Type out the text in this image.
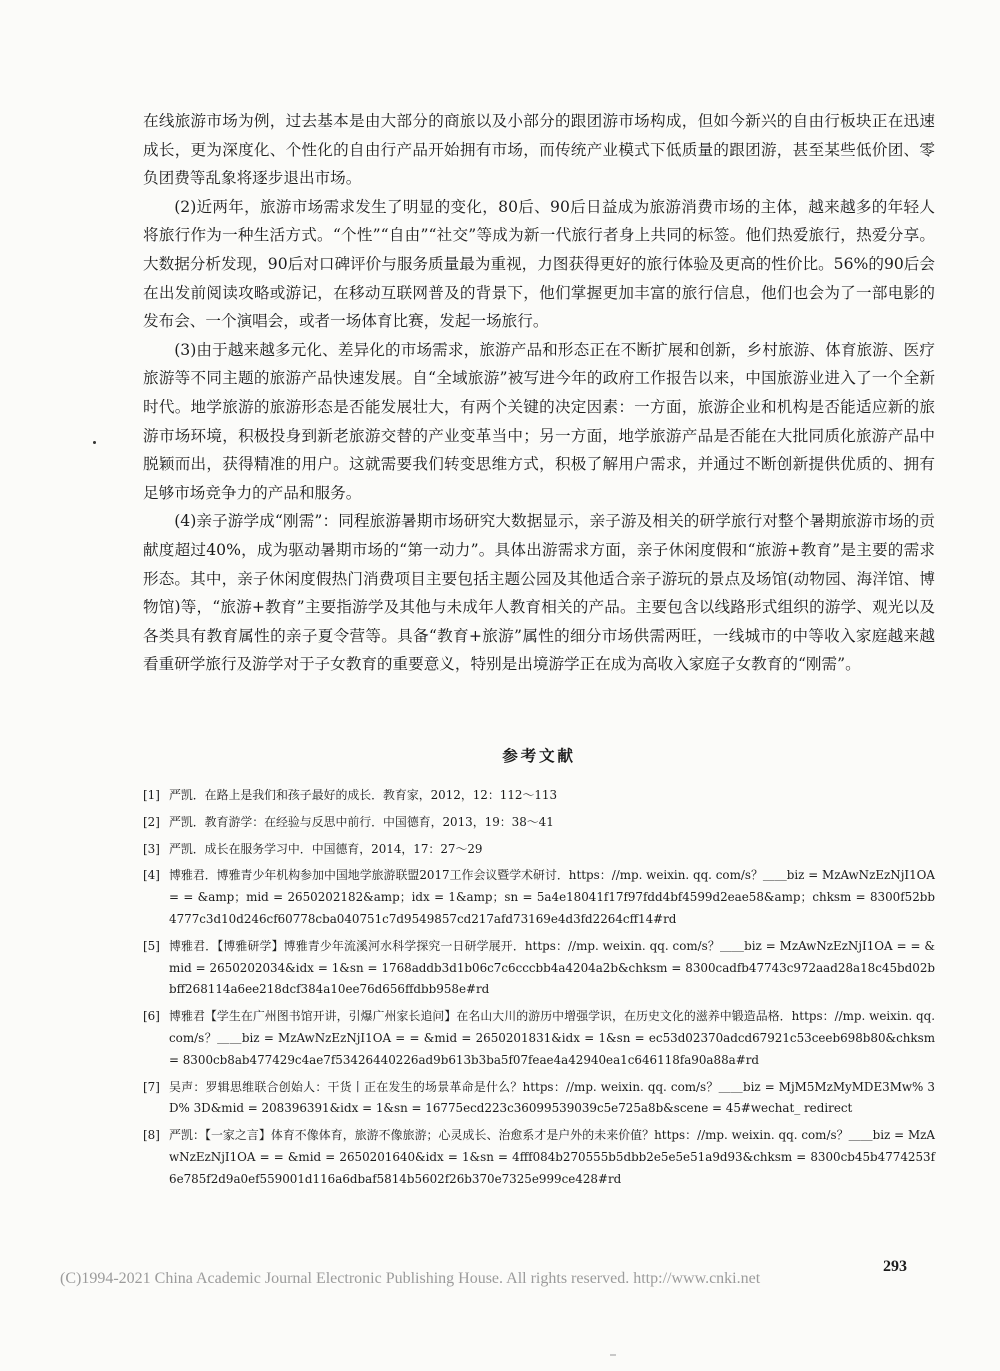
在线旅游市场为例，过去基本是由大部分的商旅以及小部分的跟团游市场构成，但如今新兴的自由行板块正在迅速成长，更为深度化、个性化的自由行产品开始拥有市场，而传统产业模式下低质量的跟团游，甚至某些低价团、零负团费等乱象将逐步退出市场。

(2)近两年，旅游市场需求发生了明显的变化，80后、90后日益成为旅游消费市场的主体，越来越多的年轻人将旅行作为一种生活方式。“个性”“自由”“社交”等成为新一代旅行者身上共同的标签。他们热爱旅行，热爱分享。大数据分析发现，90后对口碑评价与服务质量最为重视，力图获得更好的旅行体验及更高的性价比。56%的90后会在出发前阅读攻略或游记，在移动互联网普及的背景下，他们掌握更加丰富的旅行信息，他们也会为了一部电影的发布会、一个演唱会，或者一场体育比赛，发起一场旅行。

(3)由于越来越多元化、差异化的市场需求，旅游产品和形态正在不断扩展和创新，乡村旅游、体育旅游、医疗旅游等不同主题的旅游产品快速发展。自“全域旅游”被写进今年的政府工作报告以来，中国旅游业进入了一个全新时代。地学旅游的旅游形态是否能发展壮大，有两个关键的决定因素：一方面，旅游企业和机构是否能适应新的旅游市场环境，积极投身到新老旅游交替的产业变革当中；另一方面，地学旅游产品是否能在大批同质化旅游产品中脱颖而出，获得精准的用户。这就需要我们转变思维方式，积极了解用户需求，并通过不断创新提供优质的、拥有足够市场竞争力的产品和服务。

(4)亲子游学成“刚需”：同程旅游暑期市场研究大数据显示，亲子游及相关的研学旅行对整个暑期旅游市场的贡献度超过40%，成为驱动暑期市场的“第一动力”。具体出游需求方面，亲子休闲度假和“旅游+教育”是主要的需求形态。其中，亲子休闲度假热门消费项目主要包括主题公园及其他适合亲子游玩的景点及场馆(动物园、海洋馆、博物馆)等，“旅游+教育”主要指游学及其他与未成年人教育相关的产品。主要包含以线路形式组织的游学、观光以及各类具有教育属性的亲子夏令营等。具备“教育+旅游”属性的细分市场供需两旺，一线城市的中等收入家庭越来越看重研学旅行及游学对于子女教育的重要意义，特别是出境游学正在成为高收入家庭子女教育的“刚需”。

参考文献
[1] 严凯．在路上是我们和孩子最好的成长．教育家，2012，12：112～113
[2] 严凯．教育游学：在经验与反思中前行．中国德育，2013，19：38～41
[3] 严凯．成长在服务学习中．中国德育，2014，17：27～29
[4] 博雅君．博雅青少年机构参加中国地学旅游联盟2017工作会议暨学术研讨．https：//mp. weixin. qq. com/s？＿＿biz = MzAwNzEzNjI1OA = = &amp；mid = 2650202182&amp；idx = 1&amp；sn = 5a4e18041f17f97fdd4bf4599d2eae58&amp；chksm = 8300f52bb4777c3d10d246cf60778cba040751c7d9549857cd217afd73169e4d3fd2264cff14#rd
[5] 博雅君．【博雅研学】博雅青少年流溪河水科学探究一日研学展开．https：//mp. weixin. qq. com/s？＿＿biz = MzAwNzEzNjI1OA = = &mid = 2650202034&idx = 1&sn = 1768addb3d1b06c7c6cccbb4a4204a2b&chksm = 8300cadfb47743c972aad28a18c45bd02bbff268114a6ee218dcf384a10ee76d656ffdbb958e#rd
[6] 博雅君【学生在广州图书馆开讲，引爆广州家长追问】在名山大川的游历中增强学识，在历史文化的滋养中锻造品格．https：//mp. weixin. qq. com/s？＿＿biz = MzAwNzEzNjI1OA = = &mid = 2650201831&idx = 1&sn = ec53d02370adcd67921c53ceeb698b80&chksm = 8300cb8ab477429c4ae7f53426440226ad9b613b3ba5f07feae4a42940ea1c646118fa90a88a#rd
[7] 吴声：罗辑思维联合创始人：干货丨正在发生的场景革命是什么？https：//mp. weixin. qq. com/s？＿＿biz = MjM5MzMyMDE3Mw% 3D% 3D&mid = 208396391&idx = 1&sn = 16775ecd223c36099539039c5e725a8b&scene = 45#wechat_ redirect
[8] 严凯：【一家之言】体育不像体育，旅游不像旅游；心灵成长、治愈系才是户外的未来价值？https：//mp. weixin. qq. com/s？＿＿biz = MzAwNzEzNjI1OA = = &mid = 2650201640&idx = 1&sn = 4fff084b270555b5dbb2e5e5e51a9d93&chksm = 8300cb45b4774253f6e785f2d9a0ef559001d116a6dbaf5814b5602f26b370e7325e999ce428#rd
293
(C)1994-2021 China Academic Journal Electronic Publishing House. All rights reserved. http://www.cnki.net
